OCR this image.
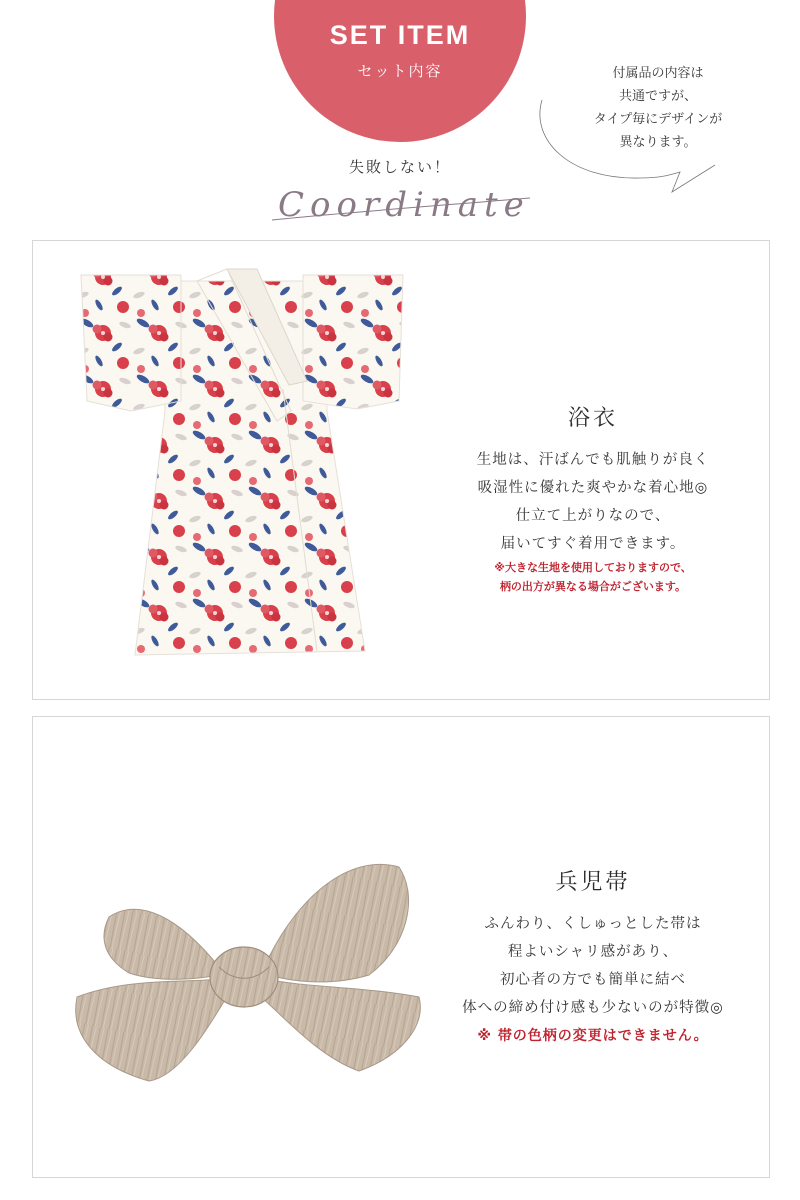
SET ITEM
セット内容	付属品の内容は
共通ですが、
タイプ毎にデザインが
異なります。
失敗しない！
Coordinate
浴衣
生地は、汗ばんでも肌触りが良く
吸湿性に優れた爽やかな着心地◎
仕立て上がりなので、
届いてすぐ着用できます。
※大きな生地を使用しておりますので、
柄の出方が異なる場合がございます。
兵児帯
ふんわり、くしゅっとした帯は
程よいシャリ感があり、
初心者の方でも簡単に結べ
体への締め付け感も少ないのが特徴◎
※ 帯の色柄の変更はできません。
